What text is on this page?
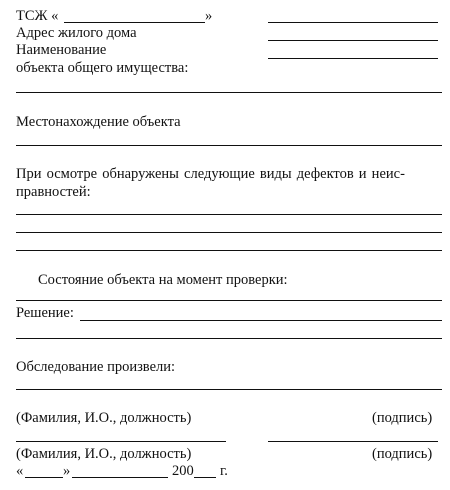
ТСЖ «	»
Адрес жилого дома
Наименование
объекта общего имущества:
Местонахождение объекта
При осмотре обнаружены следующие виды дефектов и неис-
правностей:
Состояние объекта на момент проверки:
Решение:
Обследование произвели:
(Фамилия, И.О., должность)	(подпись)
(Фамилия, И.О., должность)	(подпись)
«	»	200 г.
